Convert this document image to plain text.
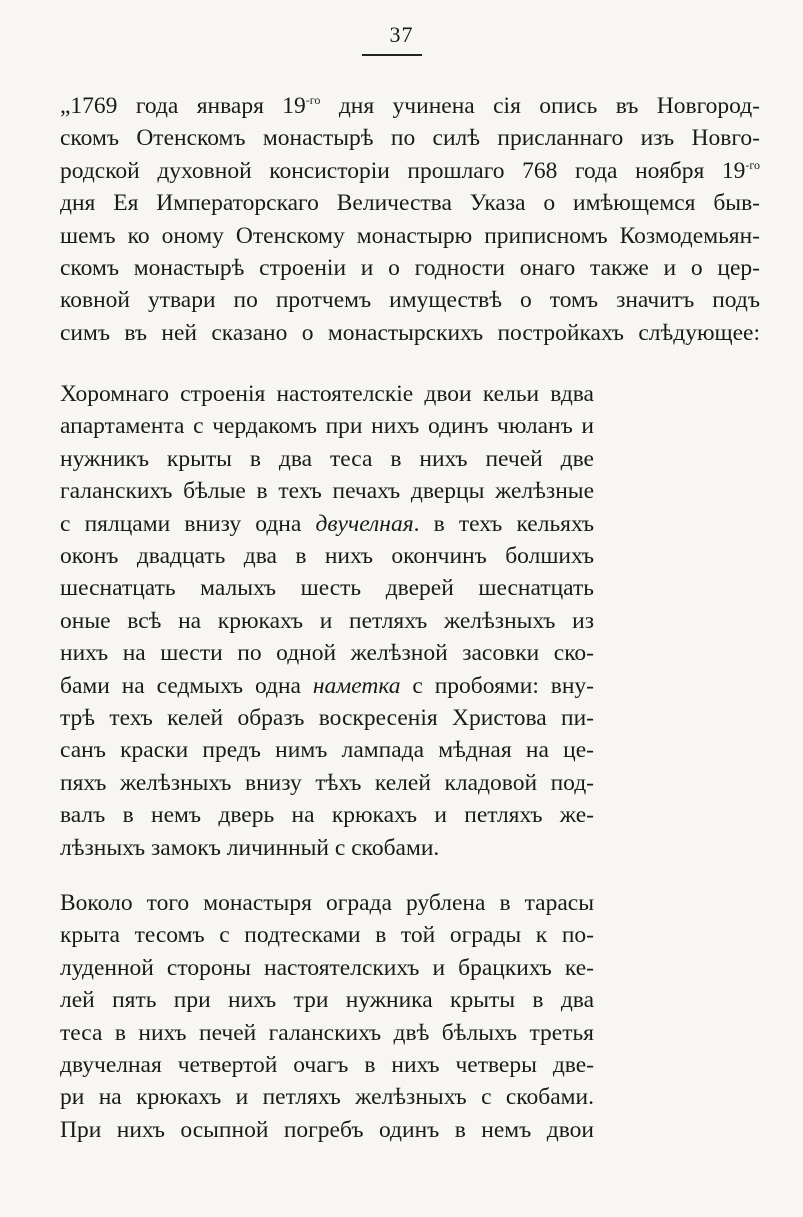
37
„1769 года января $19^{-го}$ дня учинена сія опись въ Новгород-
скомъ Отенскомъ монастырѣ по силѣ присланнаго изъ Новго-
родской духовной консисторіи прошлаго 768 года ноября $19^{-го}$
дня Ея Императорскаго Величества Указа о имѣющемся быв-
шемъ ко оному Отенскому монастырю приписномъ Козмодемьян-
скомъ монастырѣ строеніи и о годности онаго также и о цер-
ковной утвари по протчемъ имуществѣ о томъ значитъ подъ
симъ въ ней сказано о монастырскихъ постройкахъ слѣдующее:
Хоромнаго строенія настоятелскіе двои кельи вдва
апартамента с чердакомъ при нихъ одинъ чюланъ и
нужникъ крыты в два теса в нихъ печей две
галанскихъ бѣлые в техъ печахъ дверцы желѣзные
с пялцами внизу одна двучелная. в техъ кельяхъ
оконъ двадцать два в нихъ окончинъ болшихъ
шеснатцать малыхъ шесть дверей шеснатцать
оные всѣ на крюкахъ и петляхъ желѣзныхъ из
нихъ на шести по одной желѣзной засовки ско-
бами на седмыхъ одна наметка с пробоями: вну-
трѣ техъ келей образъ воскресенія Христова пи-
санъ краски предъ нимъ лампада мѣдная на це-
пяхъ желѣзныхъ внизу тѣхъ келей кладовой под-
валъ в немъ дверь на крюкахъ и петляхъ же-
лѣзныхъ замокъ личинный с скобами.
Воколо того монастыря ограда рублена в тарасы
крыта тесомъ с подтесками в той ограды к по-
луденной стороны настоятелскихъ и брацкихъ ке-
лей пять при нихъ три нужника крыты в два
теса в нихъ печей галанскихъ двѣ бѣлыхъ третья
двучелная четвертой очагъ в нихъ четверы две-
ри на крюкахъ и петляхъ желѣзныхъ с скобами.
При нихъ осыпной погребъ одинъ в немъ двои
